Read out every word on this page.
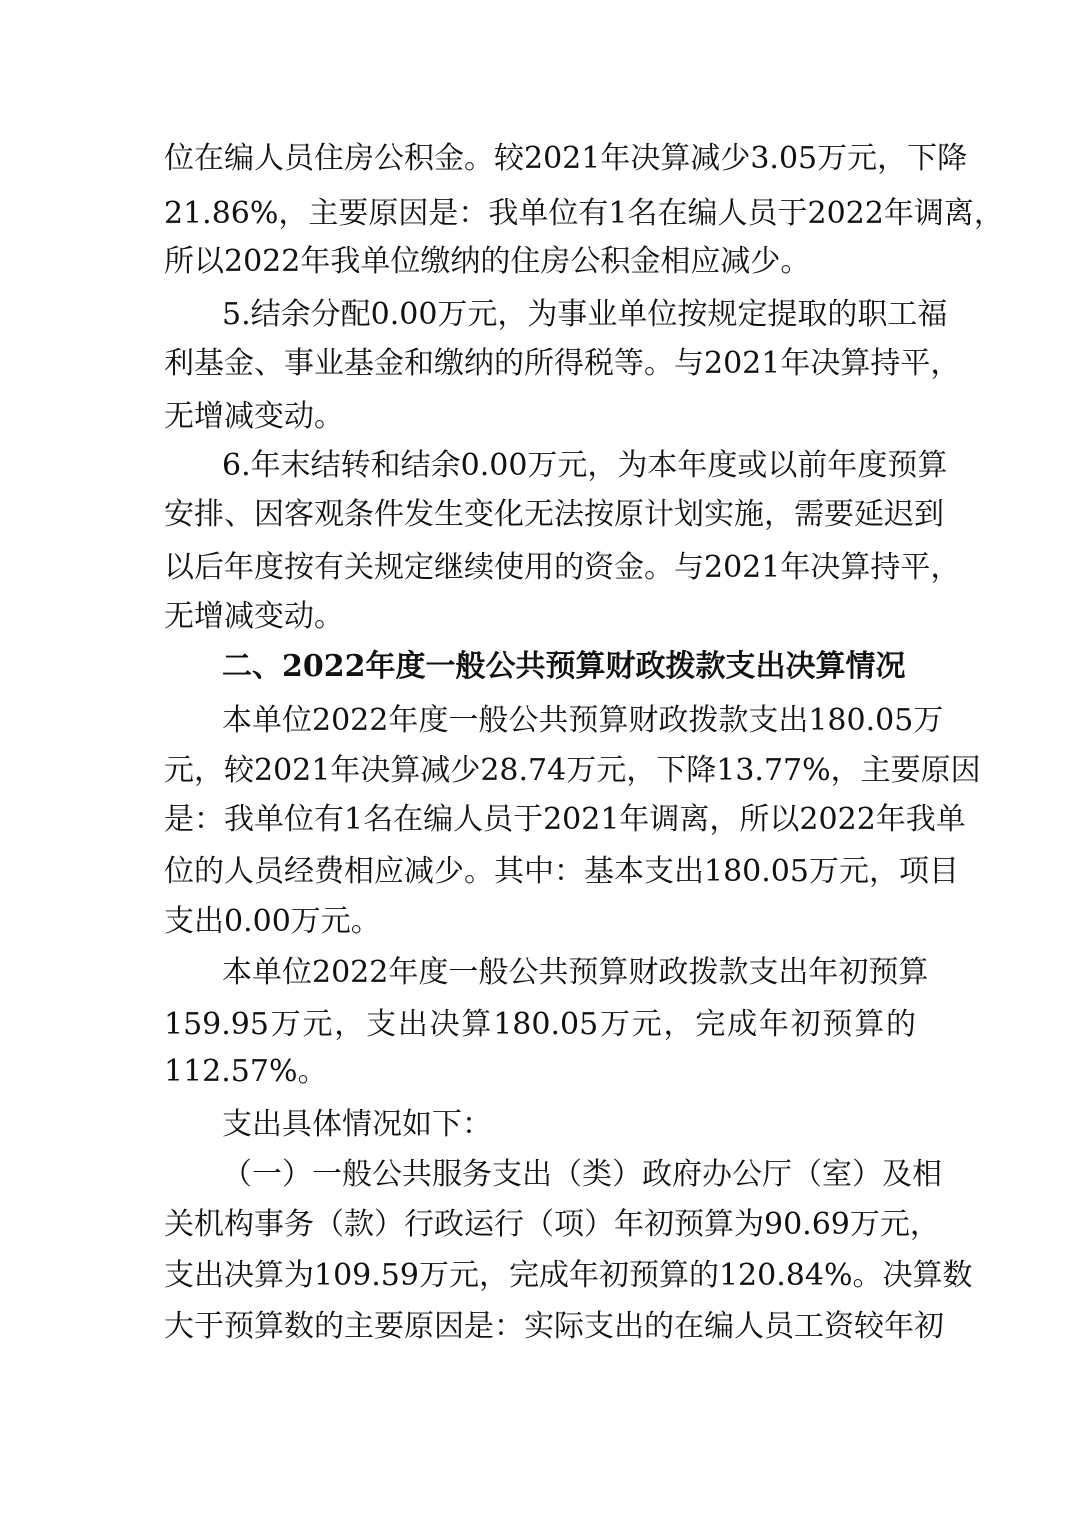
位在编人员住房公积金。较2021年决算减少3.05万元，下降
21.86%，主要原因是：我单位有1名在编人员于2022年调离，
所以2022年我单位缴纳的住房公积金相应减少。
5.结余分配0.00万元，为事业单位按规定提取的职工福
利基金、事业基金和缴纳的所得税等。与2021年决算持平，
无增减变动。
6.年末结转和结余0.00万元，为本年度或以前年度预算
安排、因客观条件发生变化无法按原计划实施，需要延迟到
以后年度按有关规定继续使用的资金。与2021年决算持平，
无增减变动。
二、2022年度一般公共预算财政拨款支出决算情况
本单位2022年度一般公共预算财政拨款支出180.05万
元，较2021年决算减少28.74万元，下降13.77%，主要原因
是：我单位有1名在编人员于2021年调离，所以2022年我单
位的人员经费相应减少。其中：基本支出180.05万元，项目
支出0.00万元。
本单位2022年度一般公共预算财政拨款支出年初预算
159.95万元，支出决算180.05万元，完成年初预算的
112.57%。
支出具体情况如下：
（一）一般公共服务支出（类）政府办公厅（室）及相
关机构事务（款）行政运行（项）年初预算为90.69万元，
支出决算为109.59万元，完成年初预算的120.84%。决算数
大于预算数的主要原因是：实际支出的在编人员工资较年初
